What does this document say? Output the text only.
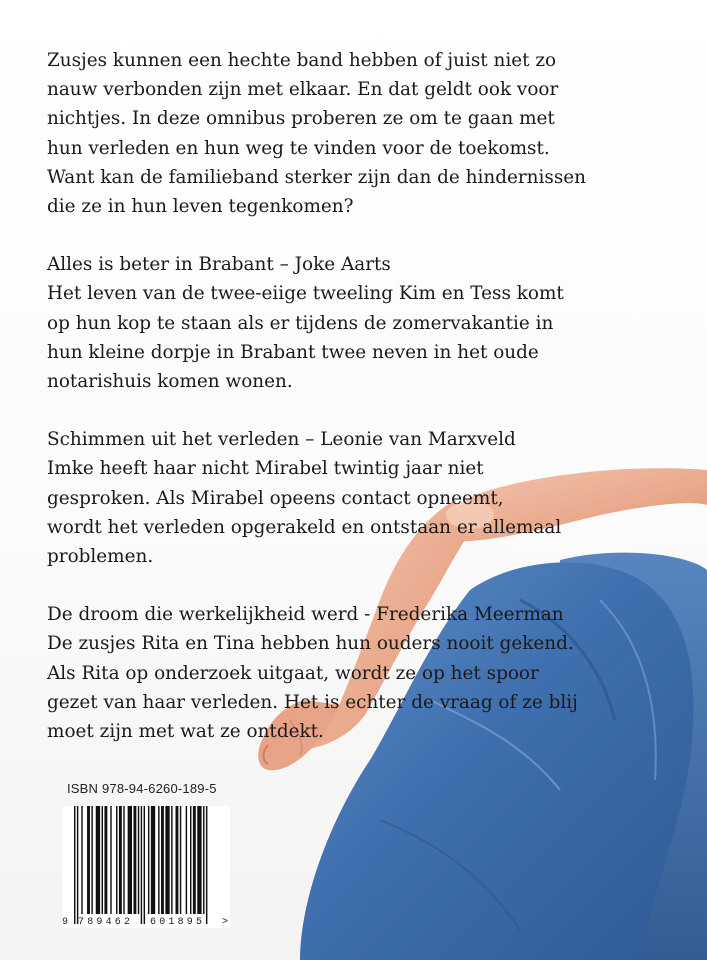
Zusjes kunnen een hechte band hebben of juist niet zo
nauw verbonden zijn met elkaar. En dat geldt ook voor
nichtjes. In deze omnibus proberen ze om te gaan met
hun verleden en hun weg te vinden voor de toekomst.
Want kan de familieband sterker zijn dan de hindernissen
die ze in hun leven tegenkomen?

Alles is beter in Brabant – Joke Aarts
Het leven van de twee-eiige tweeling Kim en Tess komt
op hun kop te staan als er tijdens de zomervakantie in
hun kleine dorpje in Brabant twee neven in het oude
notarishuis komen wonen.

Schimmen uit het verleden – Leonie van Marxveld
Imke heeft haar nicht Mirabel twintig jaar niet
gesproken. Als Mirabel opeens contact opneemt,
wordt het verleden opgerakeld en ontstaan er allemaal
problemen.

De droom die werkelijkheid werd - Frederika Meerman
De zusjes Rita en Tina hebben hun ouders nooit gekend.
Als Rita op onderzoek uitgaat, wordt ze op het spoor
gezet van haar verleden. Het is echter de vraag of ze blij
moet zijn met wat ze ontdekt.

ISBN 978-94-6260-189-5
9 789462 601895 >
